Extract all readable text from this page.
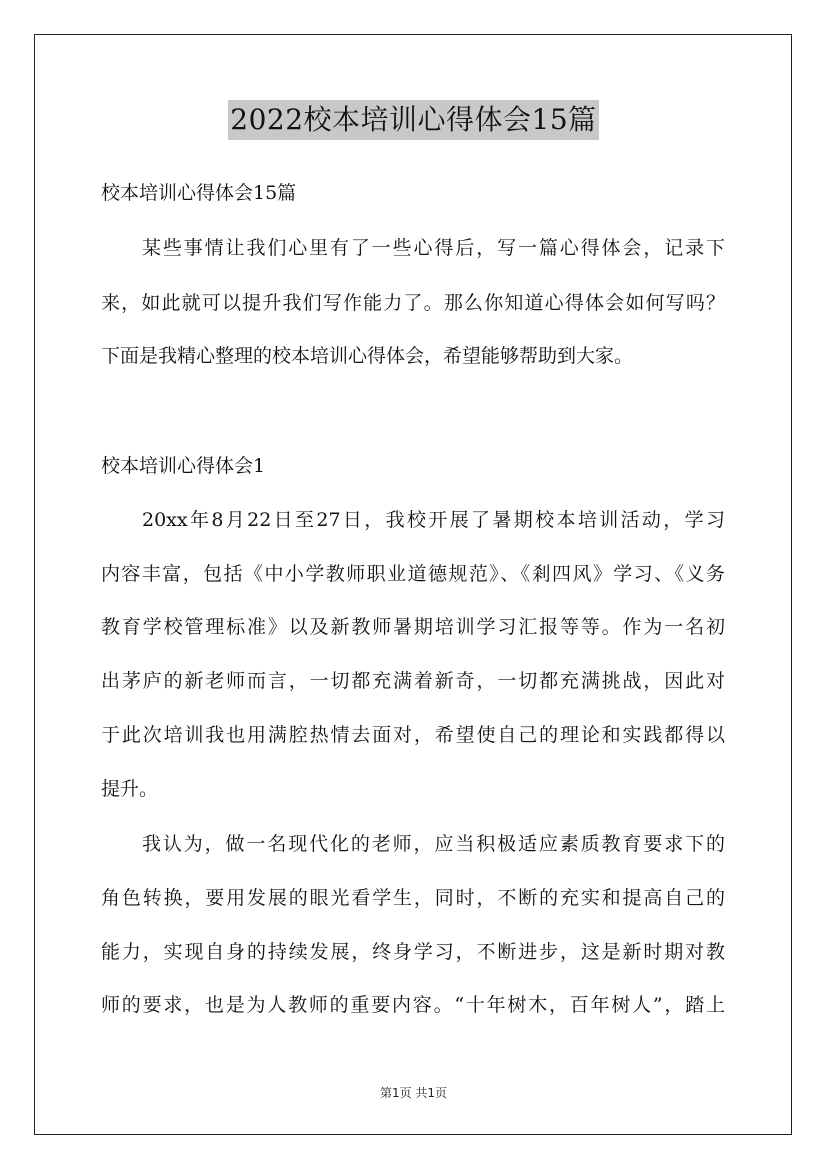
2022校本培训心得体会15篇
校本培训心得体会15篇
某些事情让我们心里有了一些心得后，写一篇心得体会，记录下
来，如此就可以提升我们写作能力了。那么你知道心得体会如何写吗？
下面是我精心整理的校本培训心得体会，希望能够帮助到大家。
校本培训心得体会1
20xx年8月22日至27日，我校开展了暑期校本培训活动，学习
内容丰富，包括《中小学教师职业道德规范》、《剎四风》学习、《义务
教育学校管理标准》以及新教师暑期培训学习汇报等等。作为一名初
出茅庐的新老师而言，一切都充满着新奇，一切都充满挑战，因此对
于此次培训我也用满腔热情去面对，希望使自己的理论和实践都得以
提升。
我认为，做一名现代化的老师，应当积极适应素质教育要求下的
角色转换，要用发展的眼光看学生，同时，不断的充实和提高自己的
能力，实现自身的持续发展，终身学习，不断进步，这是新时期对教
师的要求，也是为人教师的重要内容。“十年树木，百年树人”，踏上
第1页 共1页
